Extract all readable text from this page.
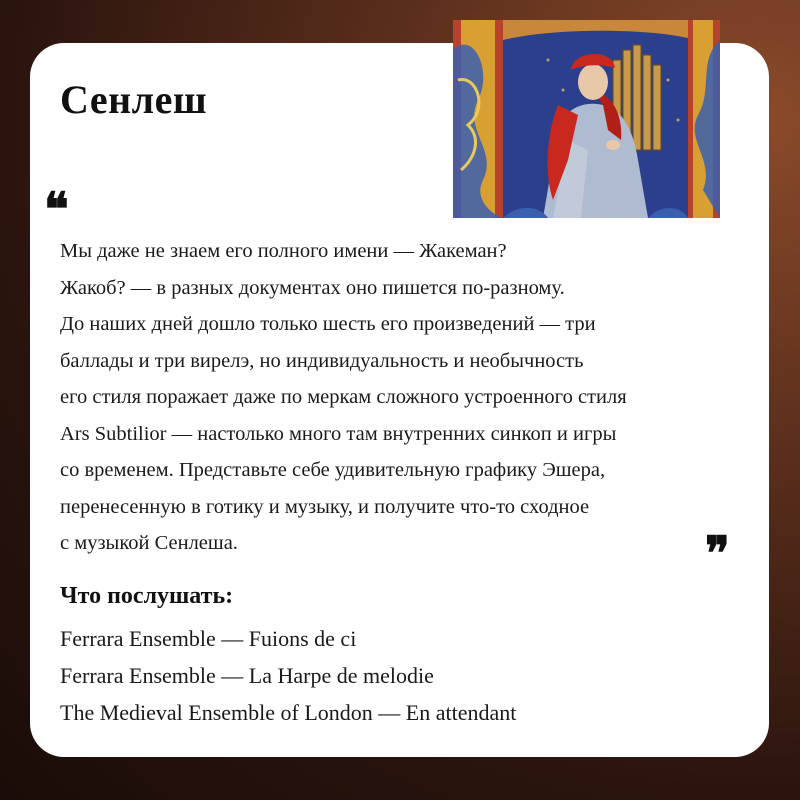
Сенлеш
❝
Мы даже не знаем его полного имени — Жакеман?
Жакоб? — в разных документах оно пишется по-разному.
До наших дней дошло только шесть его произведений — три
баллады и три вирелэ, но индивидуальность и необычность
его стиля поражает даже по меркам сложного устроенного стиля
Ars Subtilior — настолько много там внутренних синкоп и игры
со временем. Представьте себе удивительную графику Эшера,
перенесенную в готику и музыку, и получите что-то сходное
с музыкой Сенлеша.	❞
Что послушать:
Ferrara Ensemble — Fuions de ci
Ferrara Ensemble — La Harpe de melodie
The Medieval Ensemble of London — En attendant
